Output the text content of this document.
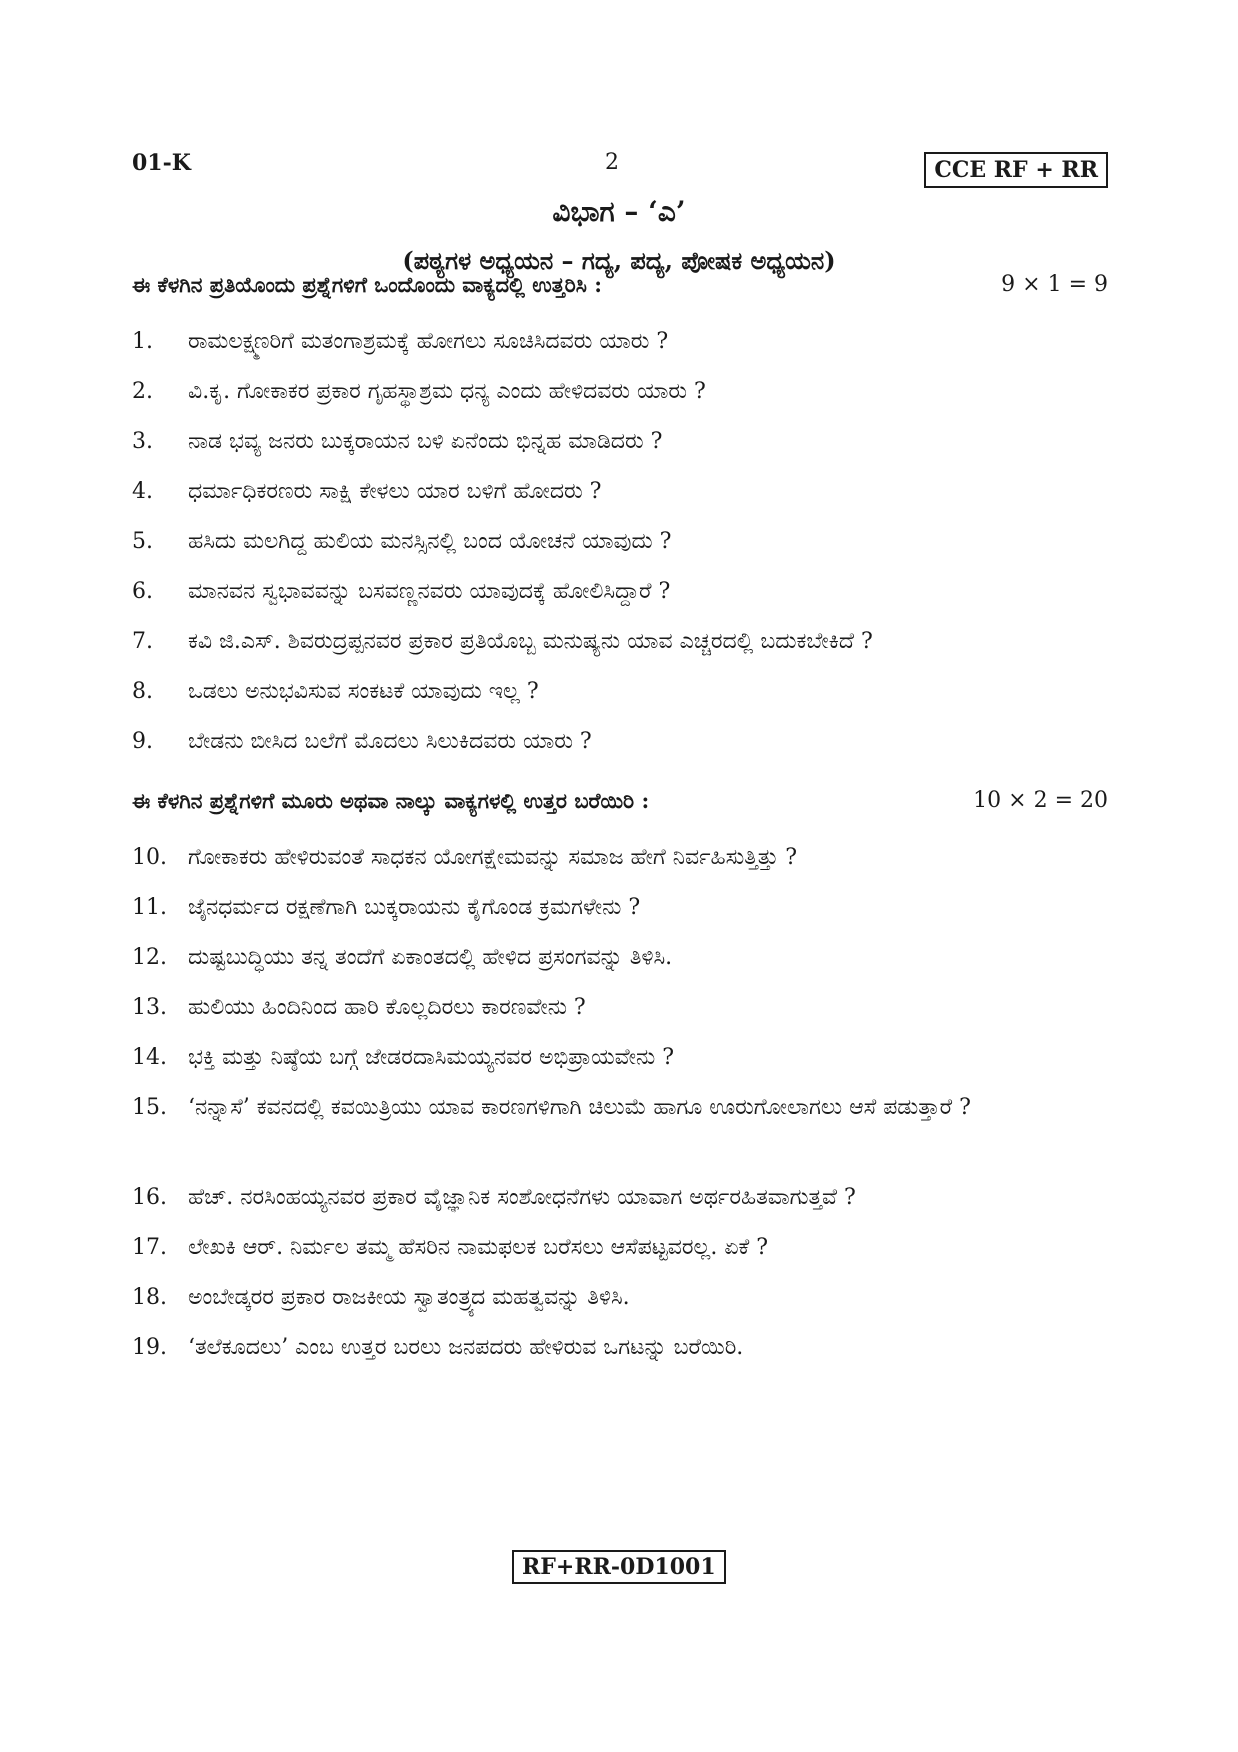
01-K	2	CCE RF + RR
ವಿಭಾಗ – ‘ಎ’
(ಪಠ್ಯಗಳ ಅಧ್ಯಯನ – ಗದ್ಯ, ಪದ್ಯ, ಪೋಷಕ ಅಧ್ಯಯನ)
ಈ ಕೆಳಗಿನ ಪ್ರತಿಯೊಂದು ಪ್ರಶ್ನೆಗಳಿಗೆ ಒಂದೊಂದು ವಾಕ್ಯದಲ್ಲಿ ಉತ್ತರಿಸಿ :	9 × 1 = 9
1.	ರಾಮಲಕ್ಷ್ಮಣರಿಗೆ ಮತಂಗಾಶ್ರಮಕ್ಕೆ ಹೋಗಲು ಸೂಚಿಸಿದವರು ಯಾರು ?
2.	ವಿ.ಕೃ. ಗೋಕಾಕರ ಪ್ರಕಾರ ಗೃಹಸ್ಥಾಶ್ರಮ ಧನ್ಯ ಎಂದು ಹೇಳಿದವರು ಯಾರು ?
3.	ನಾಡ ಭವ್ಯ ಜನರು ಬುಕ್ಕರಾಯನ ಬಳಿ ಏನೆಂದು ಭಿನ್ನಹ ಮಾಡಿದರು ?
4.	ಧರ್ಮಾಧಿಕರಣರು ಸಾಕ್ಷಿ ಕೇಳಲು ಯಾರ ಬಳಿಗೆ ಹೋದರು ?
5.	ಹಸಿದು ಮಲಗಿದ್ದ ಹುಲಿಯ ಮನಸ್ಸಿನಲ್ಲಿ ಬಂದ ಯೋಚನೆ ಯಾವುದು ?
6.	ಮಾನವನ ಸ್ವಭಾವವನ್ನು ಬಸವಣ್ಣನವರು ಯಾವುದಕ್ಕೆ ಹೋಲಿಸಿದ್ದಾರೆ ?
7.	ಕವಿ ಜಿ.ಎಸ್. ಶಿವರುದ್ರಪ್ಪನವರ ಪ್ರಕಾರ ಪ್ರತಿಯೊಬ್ಬ ಮನುಷ್ಯನು ಯಾವ ಎಚ್ಚರದಲ್ಲಿ ಬದುಕಬೇಕಿದೆ ?
8.	ಒಡಲು ಅನುಭವಿಸುವ ಸಂಕಟಕೆ ಯಾವುದು ಇಲ್ಲ ?
9.	ಬೇಡನು ಬೀಸಿದ ಬಲೆಗೆ ಮೊದಲು ಸಿಲುಕಿದವರು ಯಾರು ?
ಈ ಕೆಳಗಿನ ಪ್ರಶ್ನೆಗಳಿಗೆ ಮೂರು ಅಥವಾ ನಾಲ್ಕು ವಾಕ್ಯಗಳಲ್ಲಿ ಉತ್ತರ ಬರೆಯಿರಿ :	10 × 2 = 20
10. ಗೋಕಾಕರು ಹೇಳಿರುವಂತೆ ಸಾಧಕನ ಯೋಗಕ್ಷೇಮವನ್ನು ಸಮಾಜ ಹೇಗೆ ನಿರ್ವಹಿಸುತ್ತಿತ್ತು ?
11. ಜೈನಧರ್ಮದ ರಕ್ಷಣೆಗಾಗಿ ಬುಕ್ಕರಾಯನು ಕೈಗೊಂಡ ಕ್ರಮಗಳೇನು ?
12. ದುಷ್ಟಬುದ್ಧಿಯು ತನ್ನ ತಂದೆಗೆ ಏಕಾಂತದಲ್ಲಿ ಹೇಳಿದ ಪ್ರಸಂಗವನ್ನು ತಿಳಿಸಿ.
13. ಹುಲಿಯು ಹಿಂದಿನಿಂದ ಹಾರಿ ಕೊಲ್ಲದಿರಲು ಕಾರಣವೇನು ?
14. ಭಕ್ತಿ ಮತ್ತು ನಿಷ್ಠೆಯ ಬಗ್ಗೆ ಜೇಡರದಾಸಿಮಯ್ಯನವರ ಅಭಿಪ್ರಾಯವೇನು ?
15. ‘ನನ್ನಾಸೆ’ ಕವನದಲ್ಲಿ ಕವಯಿತ್ರಿಯು ಯಾವ ಕಾರಣಗಳಿಗಾಗಿ ಚಿಲುಮೆ ಹಾಗೂ ಊರುಗೋಲಾಗಲು ಆಸೆ ಪಡುತ್ತಾರೆ ?
16. ಹೆಚ್. ನರಸಿಂಹಯ್ಯನವರ ಪ್ರಕಾರ ವೈಜ್ಞಾನಿಕ ಸಂಶೋಧನೆಗಳು ಯಾವಾಗ ಅರ್ಥರಹಿತವಾಗುತ್ತವೆ ?
17. ಲೇಖಕಿ ಆರ್. ನಿರ್ಮಲ ತಮ್ಮ ಹೆಸರಿನ ನಾಮಫಲಕ ಬರೆಸಲು ಆಸೆಪಟ್ಟವರಲ್ಲ. ಏಕೆ ?
18. ಅಂಬೇಡ್ಕರರ ಪ್ರಕಾರ ರಾಜಕೀಯ ಸ್ವಾತಂತ್ರ್ಯದ ಮಹತ್ವವನ್ನು ತಿಳಿಸಿ.
19. ‘ತಲೆಕೂದಲು’ ಎಂಬ ಉತ್ತರ ಬರಲು ಜನಪದರು ಹೇಳಿರುವ ಒಗಟನ್ನು ಬರೆಯಿರಿ.
RF+RR-0D1001
